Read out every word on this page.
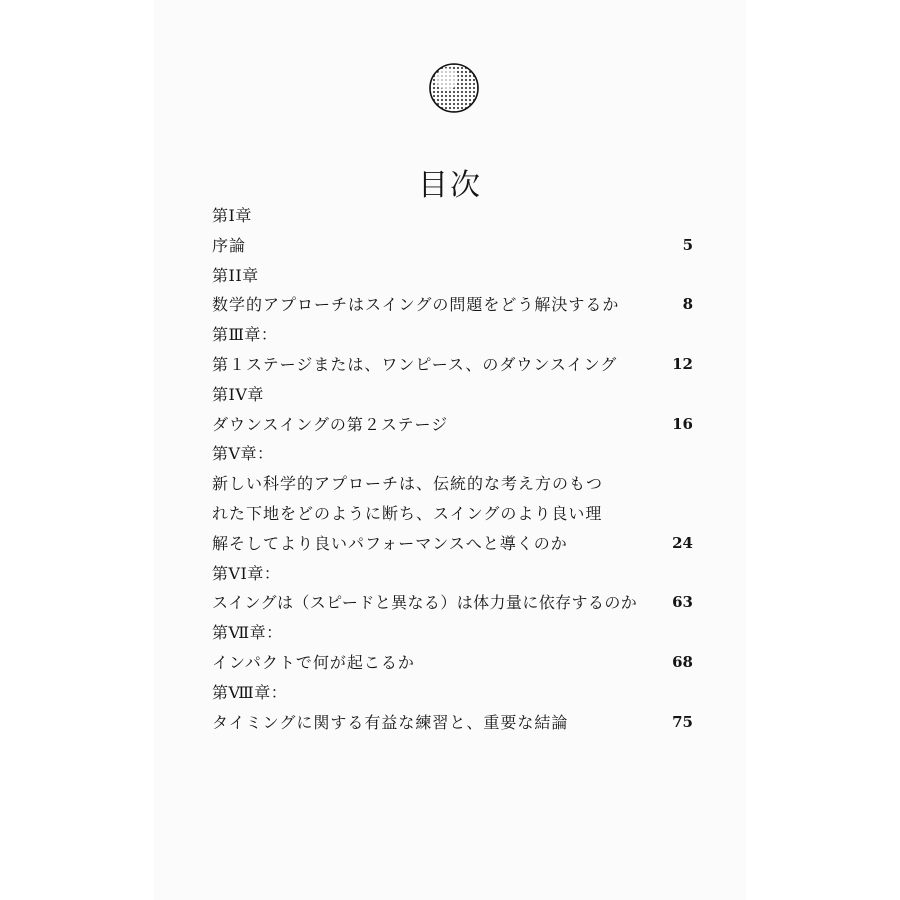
目次
第Ⅰ章
序論	5
第II章
数学的アプローチはスイングの問題をどう解決するか	8
第Ⅲ章：
第１ステージまたは、ワンピース、のダウンスイング	12
第IV章
ダウンスイングの第２ステージ	16
第V章：
新しい科学的アプローチは、伝統的な考え方のもつ
れた下地をどのように断ち、スイングのより良い理
解そしてより良いパフォーマンスへと導くのか	24
第VI章：
スイングは（スピードと異なる）は体力量に依存するのか 63
第Ⅶ章：
インパクトで何が起こるか	68
第Ⅷ章：
タイミングに関する有益な練習と、重要な結論	75
